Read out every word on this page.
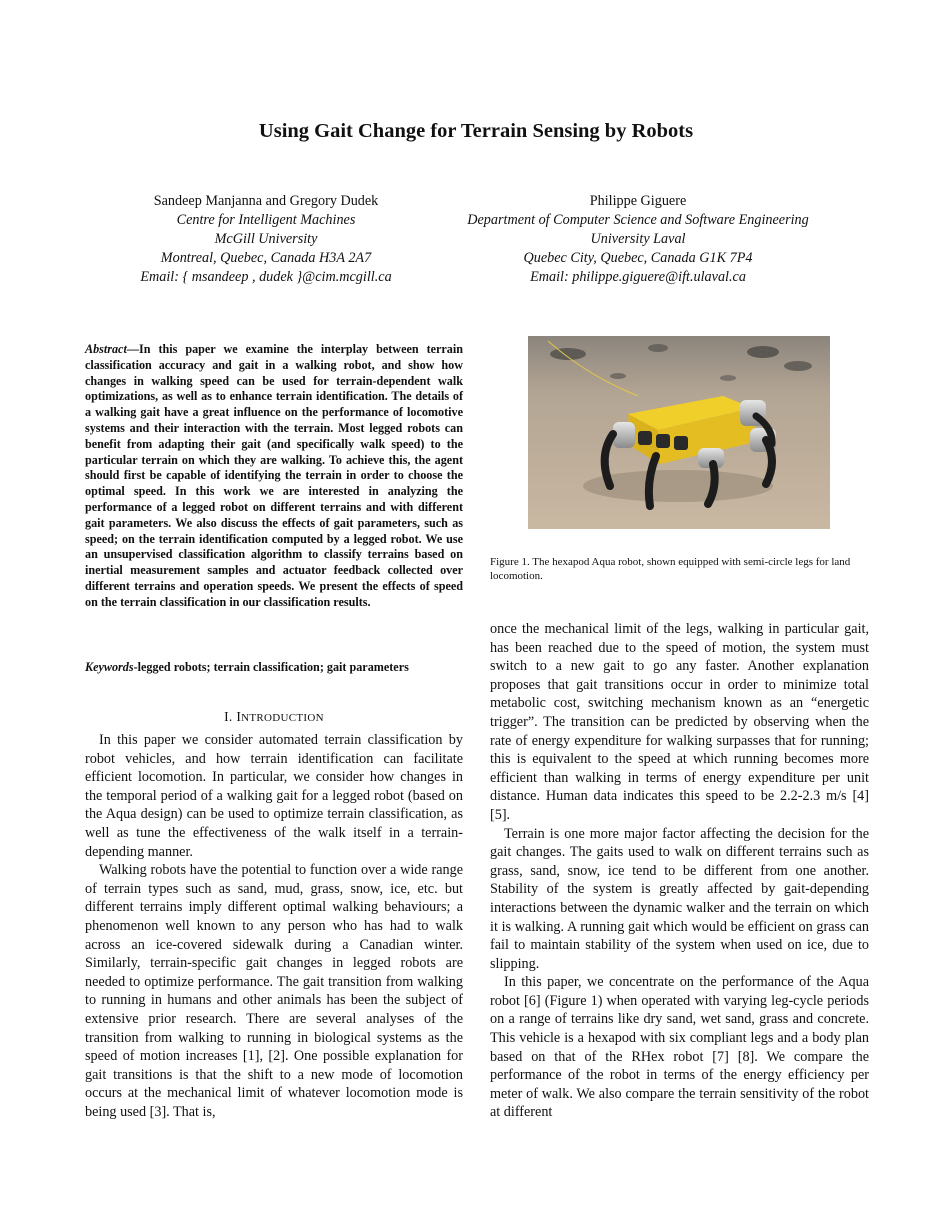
Using Gait Change for Terrain Sensing by Robots
Sandeep Manjanna and Gregory Dudek
Centre for Intelligent Machines
McGill University
Montreal, Quebec, Canada H3A 2A7
Email: { msandeep , dudek }@cim.mcgill.ca
Philippe Giguere
Department of Computer Science and Software Engineering
University Laval
Quebec City, Quebec, Canada G1K 7P4
Email: philippe.giguere@ift.ulaval.ca
Abstract—In this paper we examine the interplay between terrain classification accuracy and gait in a walking robot, and show how changes in walking speed can be used for terrain-dependent walk optimizations, as well as to enhance terrain identification. The details of a walking gait have a great influence on the performance of locomotive systems and their interaction with the terrain. Most legged robots can benefit from adapting their gait (and specifically walk speed) to the particular terrain on which they are walking. To achieve this, the agent should first be capable of identifying the terrain in order to choose the optimal speed. In this work we are interested in analyzing the performance of a legged robot on different terrains and with different gait parameters. We also discuss the effects of gait parameters, such as speed; on the terrain identification computed by a legged robot. We use an unsupervised classification algorithm to classify terrains based on inertial measurement samples and actuator feedback collected over different terrains and operation speeds. We present the effects of speed on the terrain classification in our classification results.
Keywords-legged robots; terrain classification; gait parameters
I. INTRODUCTION

In this paper we consider automated terrain classification by robot vehicles, and how terrain identification can facilitate efficient locomotion. In particular, we consider how changes in the temporal period of a walking gait for a legged robot (based on the Aqua design) can be used to optimize terrain classification, as well as tune the effectiveness of the walk itself in a terrain-depending manner.

Walking robots have the potential to function over a wide range of terrain types such as sand, mud, grass, snow, ice, etc. but different terrains imply different optimal walking behaviours; a phenomenon well known to any person who has had to walk across an ice-covered sidewalk during a Canadian winter. Similarly, terrain-specific gait changes in legged robots are needed to optimize performance. The gait transition from walking to running in humans and other animals has been the subject of extensive prior research. There are several analyses of the transition from walking to running in biological systems as the speed of motion increases [1], [2]. One possible explanation for gait transitions is that the shift to a new mode of locomotion occurs at the mechanical limit of whatever locomotion mode is being used [3]. That is,

Figure 1. The hexapod Aqua robot, shown equipped with semi-circle legs for land locomotion.

once the mechanical limit of the legs, walking in particular gait, has been reached due to the speed of motion, the system must switch to a new gait to go any faster. Another explanation proposes that gait transitions occur in order to minimize total metabolic cost, switching mechanism known as an “energetic trigger”. The transition can be predicted by observing when the rate of energy expenditure for walking surpasses that for running; this is equivalent to the speed at which running becomes more efficient than walking in terms of energy expenditure per unit distance. Human data indicates this speed to be 2.2-2.3 m/s [4] [5].

Terrain is one more major factor affecting the decision for the gait changes. The gaits used to walk on different terrains such as grass, sand, snow, ice tend to be different from one another. Stability of the system is greatly affected by gait-depending interactions between the dynamic walker and the terrain on which it is walking. A running gait which would be efficient on grass can fail to maintain stability of the system when used on ice, due to slipping.

In this paper, we concentrate on the performance of the Aqua robot [6] (Figure 1) when operated with varying leg-cycle periods on a range of terrains like dry sand, wet sand, grass and concrete. This vehicle is a hexapod with six compliant legs and a body plan based on that of the RHex robot [7] [8]. We compare the performance of the robot in terms of the energy efficiency per meter of walk. We also compare the terrain sensitivity of the robot at different
